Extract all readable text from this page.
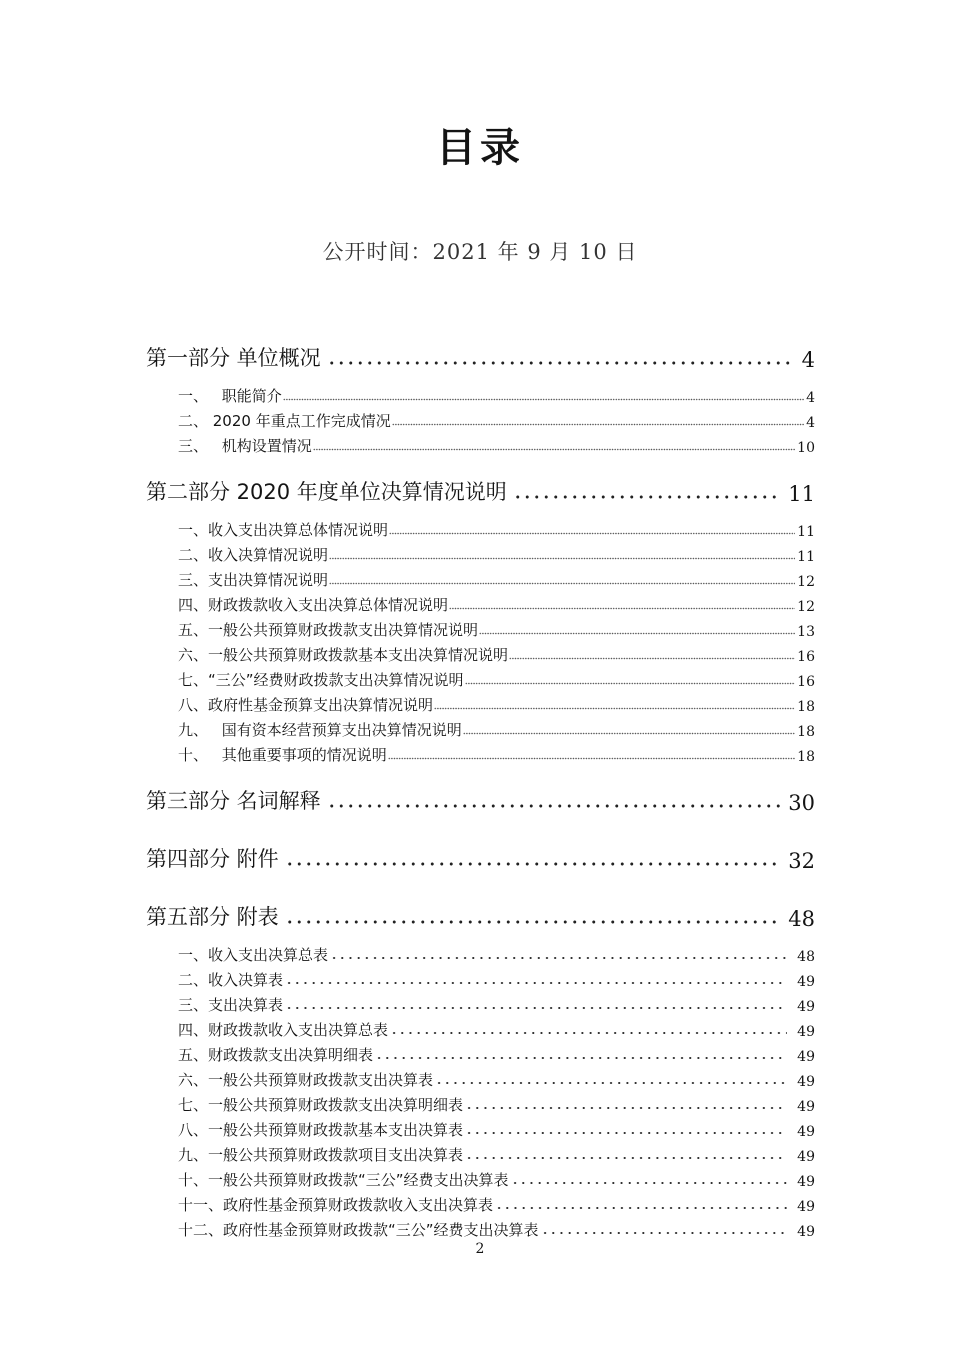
目录
公开时间：2021 年 9 月 10 日
第一部分 单位概况	4
一、 职能简介	4
二、 2020 年重点工作完成情况	4
三、 机构设置情况	10
第二部分 2020 年度单位决算情况说明	11
一、收入支出决算总体情况说明	11
二、收入决算情况说明	11
三、支出决算情况说明	12
四、财政拨款收入支出决算总体情况说明	12
五、一般公共预算财政拨款支出决算情况说明	13
六、一般公共预算财政拨款基本支出决算情况说明	16
七、“三公”经费财政拨款支出决算情况说明	16
八、政府性基金预算支出决算情况说明	18
九、 国有资本经营预算支出决算情况说明	18
十、 其他重要事项的情况说明	18
第三部分 名词解释	30
第四部分 附件	32
第五部分 附表	48
一、收入支出决算总表	48
二、收入决算表	49
三、支出决算表	49
四、财政拨款收入支出决算总表	49
五、财政拨款支出决算明细表	49
六、一般公共预算财政拨款支出决算表	49
七、一般公共预算财政拨款支出决算明细表	49
八、一般公共预算财政拨款基本支出决算表	49
九、一般公共预算财政拨款项目支出决算表	49
十、一般公共预算财政拨款“三公”经费支出决算表	49
十一、政府性基金预算财政拨款收入支出决算表	49
十二、政府性基金预算财政拨款“三公”经费支出决算表	49
2
